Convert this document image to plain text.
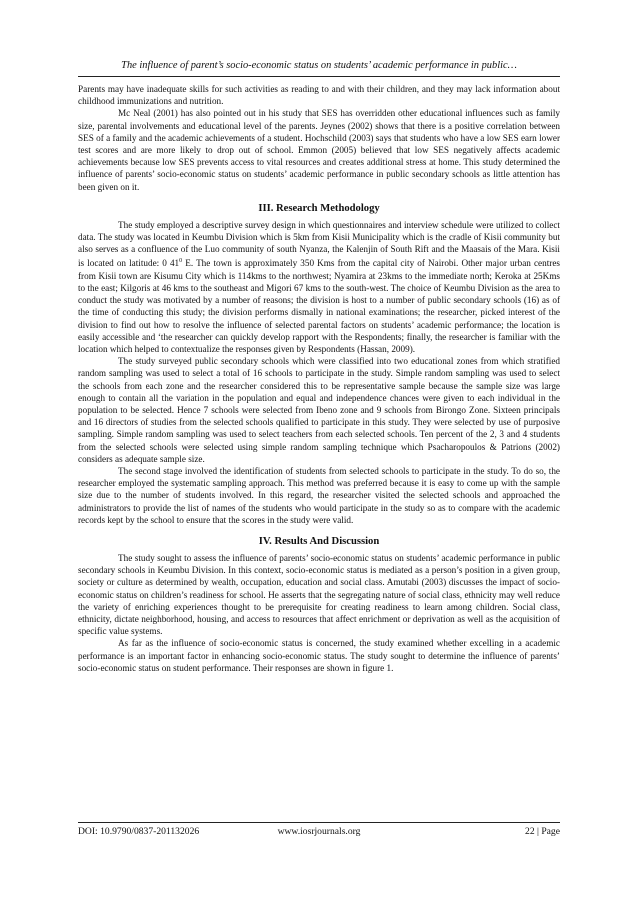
The influence of parent’s socio-economic status on students’ academic performance in public…

Parents may have inadequate skills for such activities as reading to and with their children, and they may lack information about childhood immunizations and nutrition.

Mc Neal (2001) has also pointed out in his study that SES has overridden other educational influences such as family size, parental involvements and educational level of the parents. Jeynes (2002) shows that there is a positive correlation between SES of a family and the academic achievements of a student. Hochschild (2003) says that students who have a low SES earn lower test scores and are more likely to drop out of school. Emmon (2005) believed that low SES negatively affects academic achievements because low SES prevents access to vital resources and creates additional stress at home. This study determined the influence of parents’ socio-economic status on students’ academic performance in public secondary schools as little attention has been given on it.

III. Research Methodology

The study employed a descriptive survey design in which questionnaires and interview schedule were utilized to collect data. The study was located in Keumbu Division which is 5km from Kisii Municipality which is the cradle of Kisii community but also serves as a confluence of the Luo community of south Nyanza, the Kalenjin of South Rift and the Maasais of the Mara. Kisii is located on latitude: 0 $41^0$ E. The town is approximately 350 Kms from the capital city of Nairobi. Other major urban centres from Kisii town are Kisumu City which is 114kms to the northwest; Nyamira at 23kms to the immediate north; Keroka at 25Kms to the east; Kilgoris at 46 kms to the southeast and Migori 67 kms to the south-west. The choice of Keumbu Division as the area to conduct the study was motivated by a number of reasons; the division is host to a number of public secondary schools (16) as of the time of conducting this study; the division performs dismally in national examinations; the researcher, picked interest of the division to find out how to resolve the influence of selected parental factors on students’ academic performance; the location is easily accessible and ‘the researcher can quickly develop rapport with the Respondents; finally, the researcher is familiar with the location which helped to contextualize the responses given by Respondents (Hassan, 2009).

The study surveyed public secondary schools which were classified into two educational zones from which stratified random sampling was used to select a total of 16 schools to participate in the study. Simple random sampling was used to select the schools from each zone and the researcher considered this to be representative sample because the sample size was large enough to contain all the variation in the population and equal and independence chances were given to each individual in the population to be selected. Hence 7 schools were selected from Ibeno zone and 9 schools from Birongo Zone. Sixteen principals and 16 directors of studies from the selected schools qualified to participate in this study. They were selected by use of purposive sampling. Simple random sampling was used to select teachers from each selected schools. Ten percent of the 2, 3 and 4 students from the selected schools were selected using simple random sampling technique which Psacharopoulos & Patrions (2002) considers as adequate sample size.

The second stage involved the identification of students from selected schools to participate in the study. To do so, the researcher employed the systematic sampling approach. This method was preferred because it is easy to come up with the sample size due to the number of students involved. In this regard, the researcher visited the selected schools and approached the administrators to provide the list of names of the students who would participate in the study so as to compare with the academic records kept by the school to ensure that the scores in the study were valid.

IV. Results And Discussion

The study sought to assess the influence of parents’ socio-economic status on students’ academic performance in public secondary schools in Keumbu Division. In this context, socio-economic status is mediated as a person’s position in a given group, society or culture as determined by wealth, occupation, education and social class. Amutabi (2003) discusses the impact of socio-economic status on children’s readiness for school. He asserts that the segregating nature of social class, ethnicity may well reduce the variety of enriching experiences thought to be prerequisite for creating readiness to learn among children. Social class, ethnicity, dictate neighborhood, housing, and access to resources that affect enrichment or deprivation as well as the acquisition of specific value systems.

As far as the influence of socio-economic status is concerned, the study examined whether excelling in a academic performance is an important factor in enhancing socio-economic status. The study sought to determine the influence of parents’ socio-economic status on student performance. Their responses are shown in figure 1.

DOI: 10.9790/0837-201132026	www.iosrjournals.org	22 | Page
